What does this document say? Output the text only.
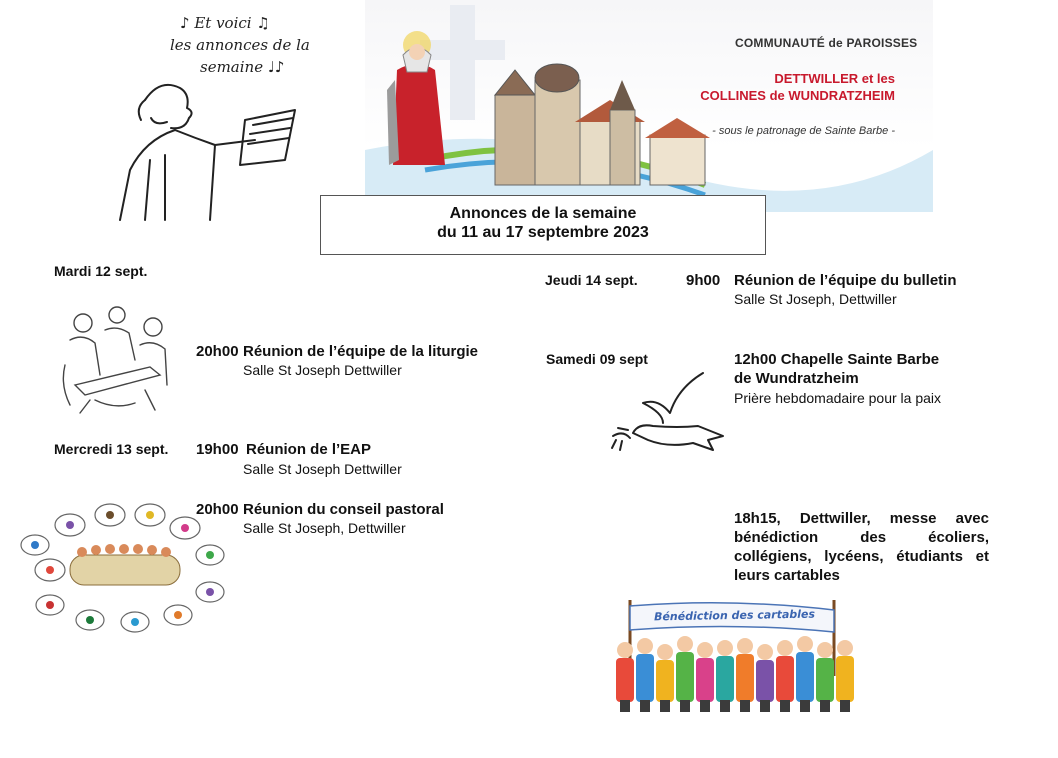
♪ Et voici ♫
les annonces de la
semaine ♩♪
COMMUNAUTÉ de PAROISSES
DETTWILLER et les
COLLINES de WUNDRATZHEIM
- sous le patronage de Sainte Barbe -
Annonces de la semaine
du 11 au 17 septembre 2023
Mardi 12 sept.
20h00 Réunion de l’équipe de la liturgie
Salle St Joseph Dettwiller
Mercredi 13 sept. 19h00 Réunion de l’EAP
Salle St Joseph Dettwiller
20h00 Réunion du conseil pastoral
Salle St Joseph, Dettwiller
Jeudi 14 sept.	9h00 Réunion de l’équipe du bulletin
Salle St Joseph, Dettwiller
Samedi 09 sept	12h00 Chapelle Sainte Barbe
de Wundratzheim
Prière hebdomadaire pour la paix
18h15, Dettwiller, messe avec
bénédiction des écoliers,
collégiens, lycéens, étudiants et
leurs cartables
Bénédiction des cartables
